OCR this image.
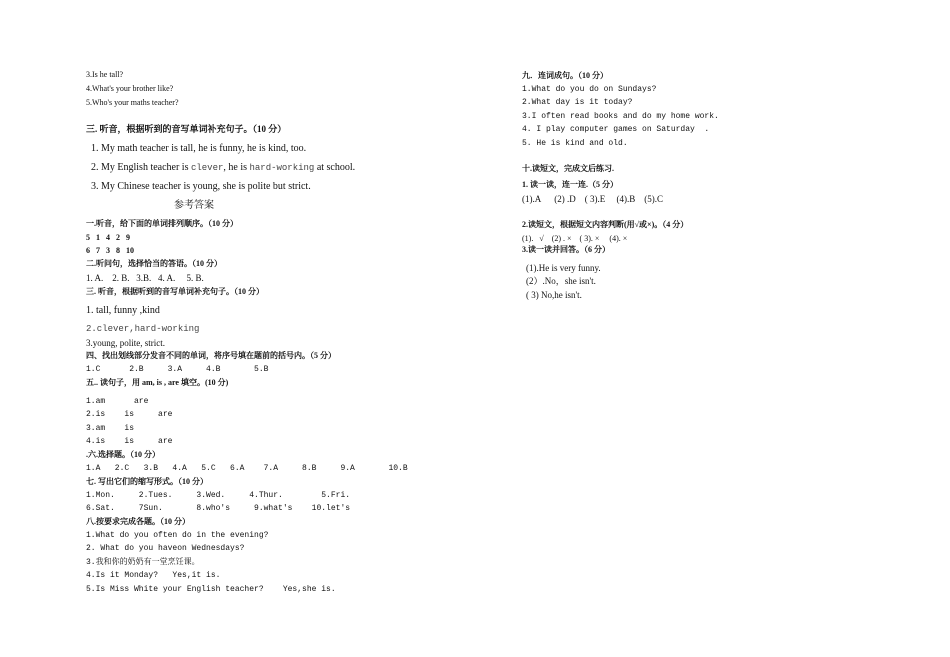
3.Is he tall?
4.What's your brother like?
5.Who's your maths teacher?
三. 听音，根据听到的音写单词补充句子。（10 分）
1. My math teacher is tall, he is funny, he is kind, too.
2. My English teacher is clever, he is hard-working at school.
3. My Chinese teacher is young, she is polite but strict.
参考答案
一.听音，给下面的单词排列顺序。（10 分）
5   1   4   2   9
6   7   3   8   10
二.听问句，选择恰当的答语。（10 分）
1. A.    2. B.   3.B.   4. A.     5. B.
三. 听音，根据听到的音写单词补充句子。（10 分）
1. tall, funny ,kind
2.clever,hard-working
3.young, polite, strict.
四、找出划线部分发音不同的单词，将序号填在题前的括号内。（5 分）
1.C      2.B     3.A     4.B       5.B
五.. 读句子，用 am, is , are 填空。(10 分)
1.am      are
2.is    is     are
3.am    is
4.is    is     are
.六.选择题。（10 分）
1.A   2.C   3.B   4.A   5.C   6.A    7.A     8.B     9.A       10.B
七. 写出它们的缩写形式。（10 分）
1.Mon.     2.Tues.     3.Wed.     4.Thur.        5.Fri.
6.Sat.     7Sun.       8.who's     9.what's    10.let's
八.按要求完成各题。（10 分）
1.What do you often do in the evening?
2. What do you haveon Wednesdays?
3.我和你的奶奶有一堂烹饪课。
4.Is it Monday?   Yes,it is.
5.Is Miss White your English teacher?    Yes,she is.
九．连词成句。（10 分）
1.What do you do on Sundays?
2.What day is it today?
3.I often read books and do my home work.
4. I play computer games on Saturday  .
5. He is kind and old.
十.读短文，完成文后练习.
1. 读一读，连一连.（5 分）
(1).A      (2) .D    ( 3).E     (4).B    (5).C
2.读短文，根据短文内容判断(用√或×)。（4 分）
(1).   √    (2) . ×    ( 3). ×     (4). ×
3.读一读并回答。（6 分）
(1).He is very funny.
(2）.No，she isn't.
( 3) No,he isn't.
